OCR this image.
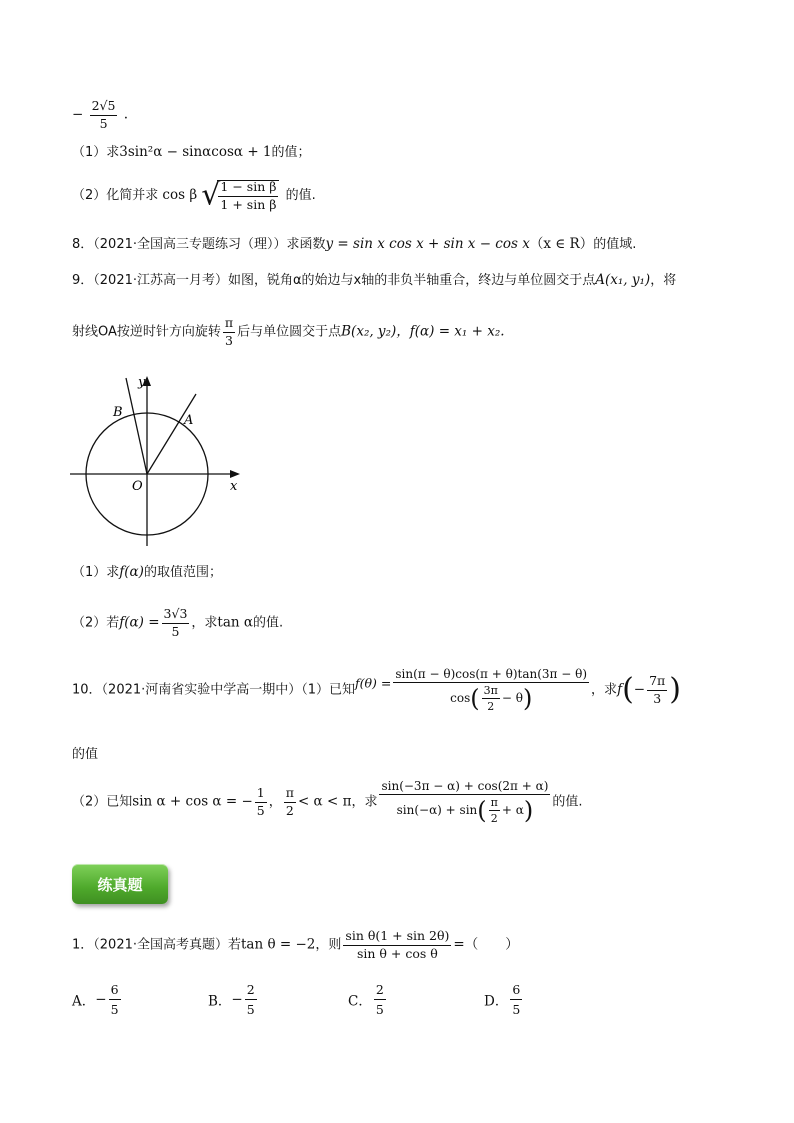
− $\frac{2√5}{5}$ .
（1）求3sin²α − sinαcosα + 1的值；
（2）化简并求 cos β √
$\frac{\text{1 − sin β}}{\text{1 + sin β}}$ 的值.
8．（2021·全国高三专题练习（理））求函数y = sin x cos x + sin x − cos x（x ∈ R）的值域.
9．（2021·江苏高一月考）如图，锐角α的始边与x轴的非负半轴重合，终边与单位圆交于点A(x₁, y₁)，将
射线OA按逆时针方向旋转 $\frac{\pi}{3}$ 后与单位圆交于点B(x₂, y₂)，f(α) = x₁ + x₂.
y
x
O
A
B
（1）求f(α)的取值范围；
（2）若$f(\alpha) = \frac{3√3}{5}$ ，求tan α的值.
10．（2021·河南省实验中学高一期中）（1）已知$f(\theta) = \frac{\sin(\pi - \theta)\cos(\pi + \theta)\tan(3\pi - \theta)}{\cos( \frac{3\pi}{2} - \theta)}$ ，求$f(- \frac{7\pi}{3}$ )
的值
（2）已知sin α + cos α = − $\frac{1}{5}$ ， $\frac{\pi}{2} < \alpha < \pi$，求 $\frac{\sin(-3\pi - \alpha) + \cos(2\pi + \alpha)}{\sin(-\alpha) + \sin( \frac{\pi}{2} + \alpha)}$ 的值.
练真题
1．（2021·全国高考真题）若tan θ = −2，则 $\frac{\text{sin θ(1 + sin 2θ)}}{\text{sin θ + cos θ}}$ =（　　）
A．− $\frac{6}{5}$	B．− $\frac{2}{5}$	C． $\frac{2}{5}$	D． $\frac{6}{5}$
